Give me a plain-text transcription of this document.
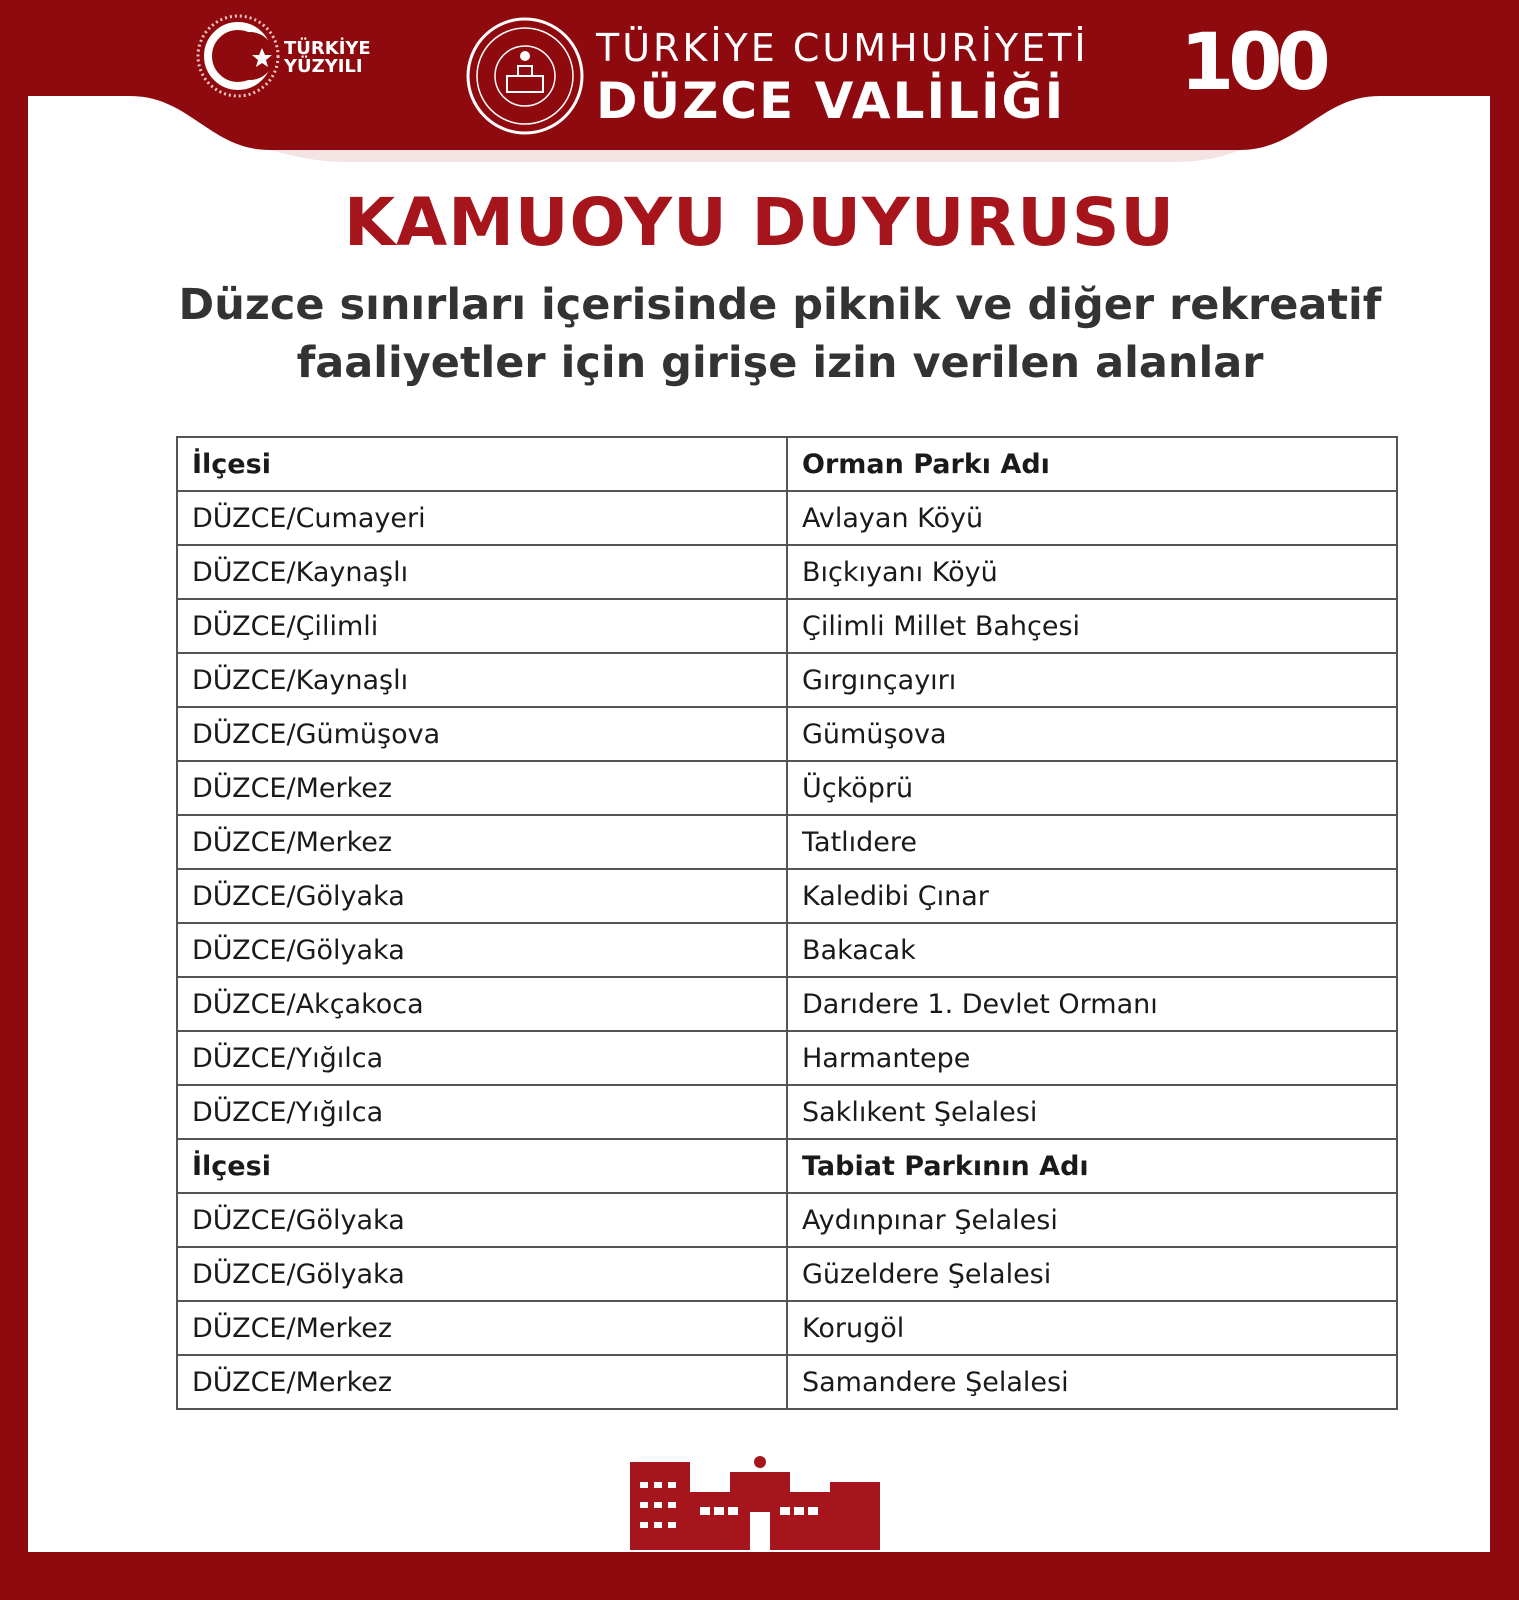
TÜRKİYE
YÜZYILI	TÜRKİYE CUMHURİYETİ
DÜZCE VALİLİĞİ 100
KAMUOYU DUYURUSU
Düzce sınırları içerisinde piknik ve diğer rekreatif
faaliyetler için girişe izin verilen alanlar
İlçesi	Orman Parkı Adı
DÜZCE/Cumayeri	Avlayan Köyü
DÜZCE/Kaynaşlı	Bıçkıyanı Köyü
DÜZCE/Çilimli	Çilimli Millet Bahçesi
DÜZCE/Kaynaşlı	Gırgınçayırı
DÜZCE/Gümüşova	Gümüşova
DÜZCE/Merkez	Üçköprü
DÜZCE/Merkez	Tatlıdere
DÜZCE/Gölyaka	Kaledibi Çınar
DÜZCE/Gölyaka	Bakacak
DÜZCE/Akçakoca	Darıdere 1. Devlet Ormanı
DÜZCE/Yığılca	Harmantepe
DÜZCE/Yığılca	Saklıkent Şelalesi
İlçesi	Tabiat Parkının Adı
DÜZCE/Gölyaka	Aydınpınar Şelalesi
DÜZCE/Gölyaka	Güzeldere Şelalesi
DÜZCE/Merkez	Korugöl
DÜZCE/Merkez	Samandere Şelalesi
